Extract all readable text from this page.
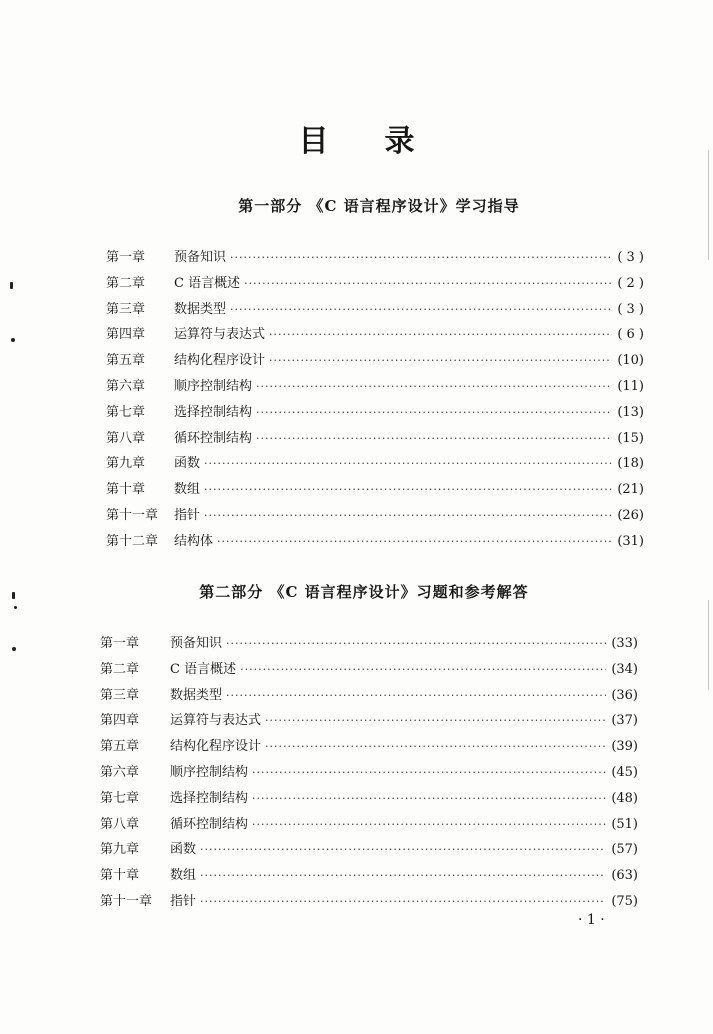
目 录
第一部分 《C 语言程序设计》学习指导
第一章	预备知识 ·····	( 3 )
第二章	C 语言概述 ·····	( 2 )
第三章	数据类型 ·····	( 3 )
第四章	运算符与表达式 ·····	( 6 )
第五章	结构化程序设计 ·····	(10)
第六章	顺序控制结构 ·····	(11)
第七章	选择控制结构 ·····	(13)
第八章	循环控制结构 ·····	(15)
第九章	函数 ·····	(18)
第十章	数组 ·····	(21)
第十一章	指针 ·····	(26)
第十二章	结构体 ·····	(31)
第二部分 《C 语言程序设计》习题和参考解答
第一章	预备知识 ·····	(33)
第二章	C 语言概述 ·····	(34)
第三章	数据类型 ·····	(36)
第四章	运算符与表达式 ·····	(37)
第五章	结构化程序设计 ·····	(39)
第六章	顺序控制结构 ·····	(45)
第七章	选择控制结构 ·····	(48)
第八章	循环控制结构 ·····	(51)
第九章	函数 ·····	(57)
第十章	数组 ·····	(63)
第十一章	指针 ·····	(75)
· 1 ·
